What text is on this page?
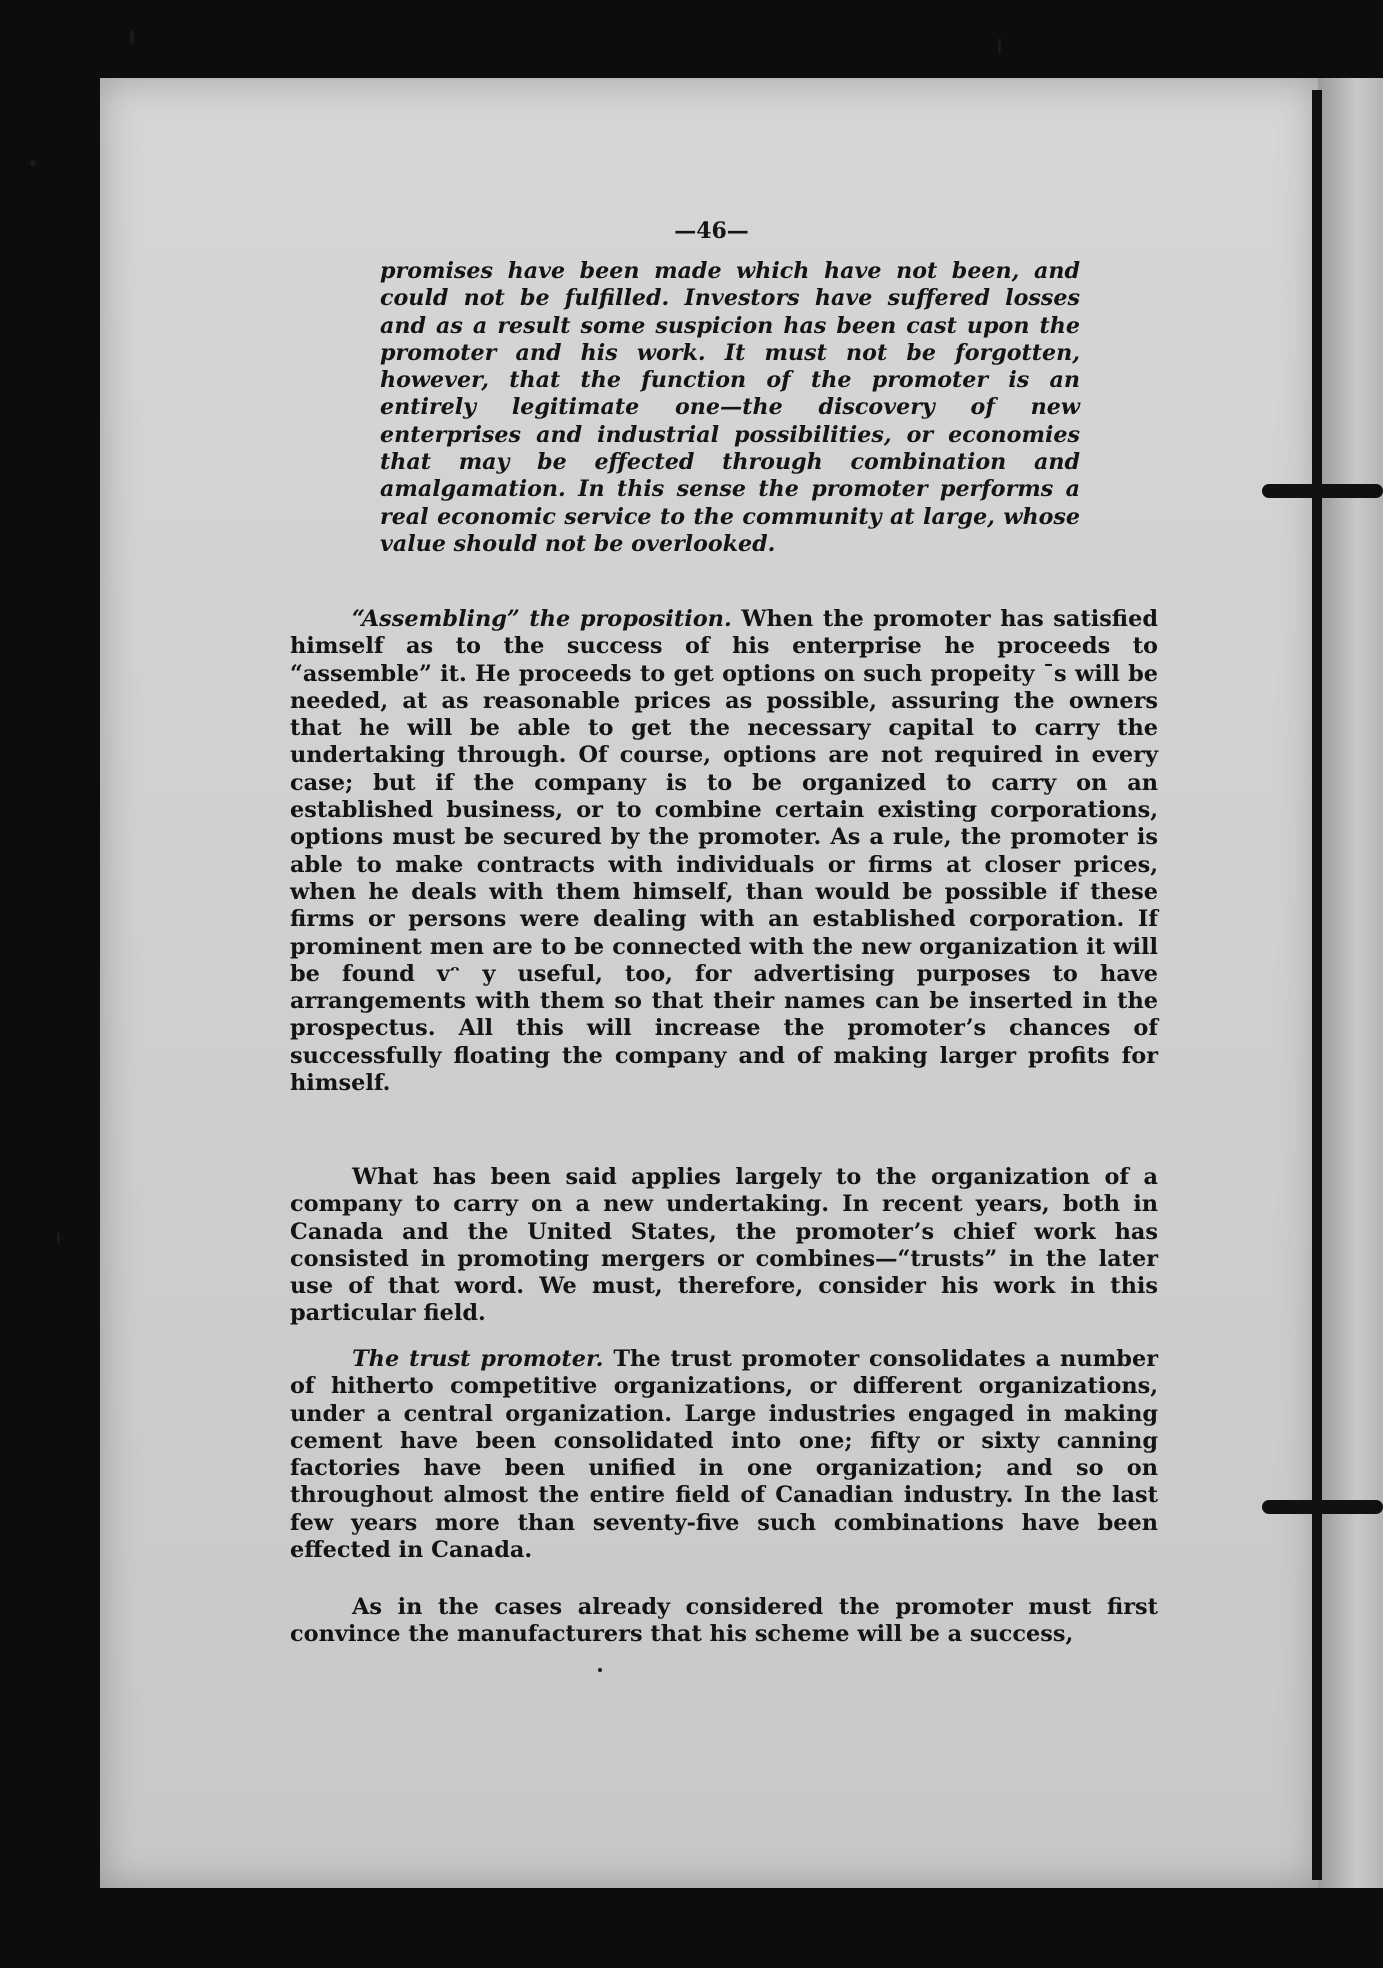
—46—
promises have been made which have not been, and could not be fulfilled. Investors have suffered losses and as a result some suspicion has been cast upon the promoter and his work. It must not be forgotten, however, that the function of the promoter is an entirely legitimate one—the discovery of new enterprises and industrial possibilities, or economies that may be effected through combination and amalgamation. In this sense the promoter performs a real economic service to the community at large, whose value should not be overlooked.

“Assembling” the proposition. When the promoter has satisfied himself as to the success of his enterprise he proceeds to “assemble” it. He proceeds to get options on such propeity ˉs will be needed, at as reasonable prices as possible, assuring the owners that he will be able to get the necessary capital to carry the undertaking through. Of course, options are not required in every case; but if the company is to be organized to carry on an established business, or to combine certain existing corporations, options must be secured by the promoter. As a rule, the promoter is able to make contracts with individuals or firms at closer prices, when he deals with them himself, than would be possible if these firms or persons were dealing with an established corporation. If prominent men are to be connected with the new organization it will be found vᵔ y useful, too, for advertising purposes to have arrangements with them so that their names can be inserted in the prospectus. All this will increase the promoter’s chances of successfully floating the company and of making larger profits for himself.

What has been said applies largely to the organization of a company to carry on a new undertaking. In recent years, both in Canada and the United States, the promoter’s chief work has consisted in promoting mergers or combines—“trusts” in the later use of that word. We must, therefore, consider his work in this particular field.

The trust promoter. The trust promoter consolidates a number of hitherto competitive organizations, or different organizations, under a central organization. Large industries engaged in making cement have been consolidated into one; fifty or sixty canning factories have been unified in one organization; and so on throughout almost the entire field of Canadian industry. In the last few years more than seventy-five such combinations have been effected in Canada.

As in the cases already considered the promoter must first convince the manufacturers that his scheme will be a success,
